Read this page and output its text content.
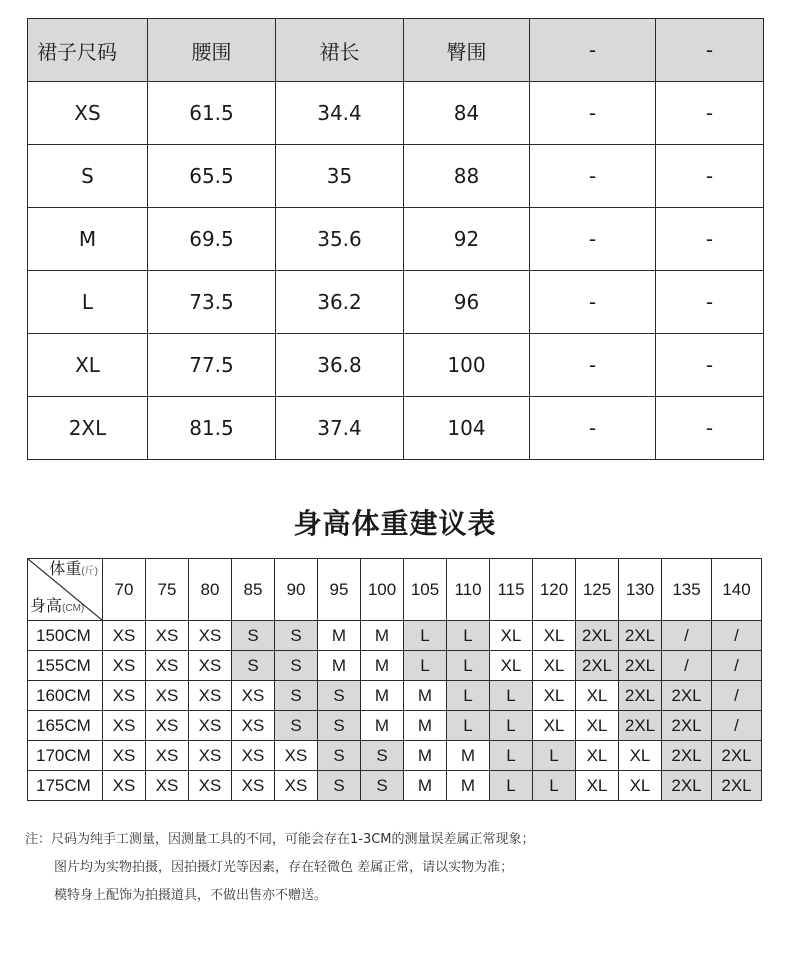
裙子尺码	腰围	裙长	臀围	-	-
XS	61.5	34.4	84	-	-
S	65.5	35	88	-	-
M	69.5	35.6	92	-	-
L	73.5	36.2	96	-	-
XL	77.5	36.8	100	-	-
2XL	81.5	37.4	104	-	-
身高体重建议表
体重(斤)
身高(CM)	70	75	80	85	90	95	100	105	110	115	120	125	130	135	140
150CM	XS	XS	XS	S	S	M	M	L	L	XL	XL	2XL	2XL	/	/
155CM	XS	XS	XS	S	S	M	M	L	L	XL	XL	2XL	2XL	/	/
160CM	XS	XS	XS	XS	S	S	M	M	L	L	XL	XL	2XL	2XL	/
165CM	XS	XS	XS	XS	S	S	M	M	L	L	XL	XL	2XL	2XL	/
170CM	XS	XS	XS	XS	XS	S	S	M	M	L	L	XL	XL	2XL	2XL
175CM	XS	XS	XS	XS	XS	S	S	M	M	L	L	XL	XL	2XL	2XL
注：尺码为纯手工测量，因测量工具的不同，可能会存在1-3CM的测量误差属正常现象；
图片均为实物拍摄，因拍摄灯光等因素，存在轻微色 差属正常，请以实物为准；
模特身上配饰为拍摄道具，不做出售亦不赠送。
